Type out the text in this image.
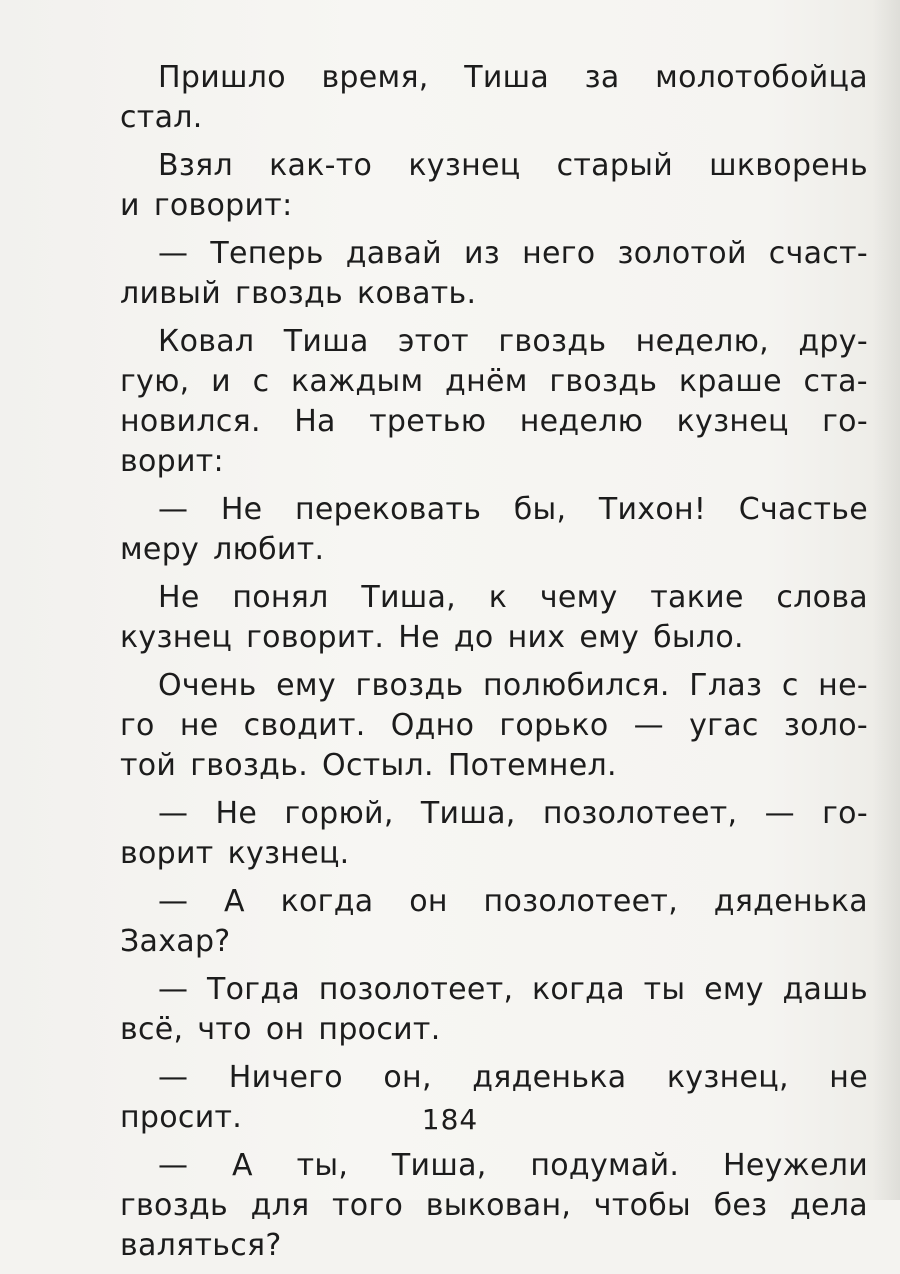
Пришло время, Тиша за молотобойца
стал.
Взял как-то кузнец старый шкворень
и говорит:
— Теперь давай из него золотой счаст-
ливый гвоздь ковать.
Ковал Тиша этот гвоздь неделю, дру-
гую, и с каждым днём гвоздь краше ста-
новился. На третью неделю кузнец го-
ворит:
— Не перековать бы, Тихон! Счастье
меру любит.
Не понял Тиша, к чему такие слова
кузнец говорит. Не до них ему было.
Очень ему гвоздь полюбился. Глаз с не-
го не сводит. Одно горько — угас золо-
той гвоздь. Остыл. Потемнел.
— Не горюй, Тиша, позолотеет, — го-
ворит кузнец.
— А когда он позолотеет, дяденька
Захар?
— Тогда позолотеет, когда ты ему дашь
всё, что он просит.
— Ничего он, дяденька кузнец, не
просит.
— А ты, Тиша, подумай. Неужели
гвоздь для того выкован, чтобы без дела
валяться?
184
